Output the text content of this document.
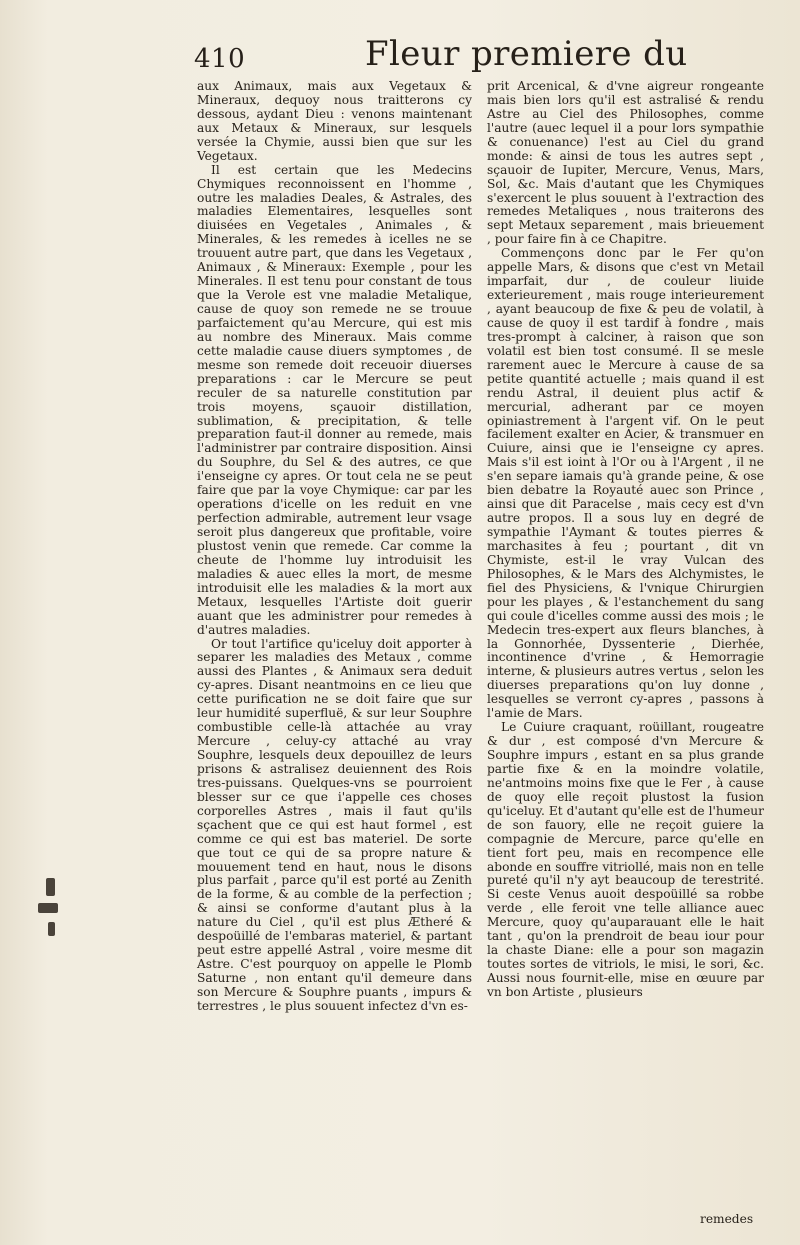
410	Fleur premiere du

aux Animaux, mais aux Vegetaux & Mineraux, dequoy nous traitterons cy dessous, aydant Dieu : venons maintenant aux Metaux & Mineraux, sur lesquels versée la Chymie, aussi bien que sur les Vegetaux.

Il est certain que les Medecins Chymiques reconnoissent en l'homme , outre les maladies Deales, & Astrales, des maladies Elementaires, lesquelles sont diuisées en Vegetales , Animales , & Minerales, & les remedes à icelles ne se trouuent autre part, que dans les Vegetaux , Animaux , & Mineraux: Exemple , pour les Minerales. Il est tenu pour constant de tous que la Verole est vne maladie Metalique, cause de quoy son remede ne se trouue parfaictement qu'au Mercure, qui est mis au nombre des Mineraux. Mais comme cette maladie cause diuers symptomes , de mesme son remede doit receuoir diuerses preparations : car le Mercure se peut reculer de sa naturelle constitution par trois moyens, sçauoir distillation, sublimation, & precipitation, & telle preparation faut-il donner au remede, mais l'administrer par contraire disposition. Ainsi du Souphre, du Sel & des autres, ce que i'enseigne cy apres. Or tout cela ne se peut faire que par la voye Chymique: car par les operations d'icelle on les reduit en vne perfection admirable, autrement leur vsage seroit plus dangereux que profitable, voire plustost venin que remede. Car comme la cheute de l'homme luy introduisit les maladies & auec elles la mort, de mesme introduisit elle les maladies & la mort aux Metaux, lesquelles l'Artiste doit guerir auant que les administrer pour remedes à d'autres maladies.

Or tout l'artifice qu'iceluy doit apporter à separer les maladies des Metaux , comme aussi des Plantes , & Animaux sera deduit cy-apres. Disant neantmoins en ce lieu que cette purification ne se doit faire que sur leur humidité superfluë, & sur leur Souphre combustible celle-là attachée au vray Mercure , celuy-cy attaché au vray Souphre, lesquels deux depouillez de leurs prisons & astralisez deuiennent des Rois tres-puissans. Quelques-vns se pourroient blesser sur ce que i'appelle ces choses corporelles Astres , mais il faut qu'ils sçachent que ce qui est haut formel , est comme ce qui est bas materiel. De sorte que tout ce qui de sa propre nature & mouuement tend en haut, nous le disons plus parfait , parce qu'il est porté au Zenith de la forme, & au comble de la perfection ; & ainsi se conforme d'autant plus à la nature du Ciel , qu'il est plus Ætheré & despoüillé de l'embaras materiel, & partant peut estre appellé Astral , voire mesme dit Astre. C'est pourquoy on appelle le Plomb Saturne , non entant qu'il demeure dans son Mercure & Souphre puants , impurs & terrestres , le plus souuent infectez d'vn es-

prit Arcenical, & d'vne aigreur rongeante mais bien lors qu'il est astralisé & rendu Astre au Ciel des Philosophes, comme l'autre (auec lequel il a pour lors sympathie & conuenance) l'est au Ciel du grand monde: & ainsi de tous les autres sept , sçauoir de Iupiter, Mercure, Venus, Mars, Sol, &c. Mais d'autant que les Chymiques s'exercent le plus souuent à l'extraction des remedes Metaliques , nous traiterons des sept Metaux separement , mais brieuement , pour faire fin à ce Chapitre.

Commençons donc par le Fer qu'on appelle Mars, & disons que c'est vn Metail imparfait, dur , de couleur liuide exterieurement , mais rouge interieurement , ayant beaucoup de fixe & peu de volatil, à cause de quoy il est tardif à fondre , mais tres-prompt à calciner, à raison que son volatil est bien tost consumé. Il se mesle rarement auec le Mercure à cause de sa petite quantité actuelle ; mais quand il est rendu Astral, il deuient plus actif & mercurial, adherant par ce moyen opiniastrement à l'argent vif. On le peut facilement exalter en Acier, & transmuer en Cuiure, ainsi que ie l'enseigne cy apres. Mais s'il est ioint à l'Or ou à l'Argent , il ne s'en separe iamais qu'à grande peine, & ose bien debatre la Royauté auec son Prince , ainsi que dit Paracelse , mais cecy est d'vn autre propos. Il a sous luy en degré de sympathie l'Aymant & toutes pierres & marchasites à feu ; pourtant , dit vn Chymiste, est-il le vray Vulcan des Philosophes, & le Mars des Alchymistes, le fiel des Physiciens, & l'vnique Chirurgien pour les playes , & l'estanchement du sang qui coule d'icelles comme aussi des mois ; le Medecin tres-expert aux fleurs blanches, à la Gonnorhée, Dyssenterie , Dierhée, incontinence d'vrine , & Hemorragie interne, & plusieurs autres vertus , selon les diuerses preparations qu'on luy donne , lesquelles se verront cy-apres , passons à l'amie de Mars.

Le Cuiure craquant, roüillant, rougeatre & dur , est composé d'vn Mercure & Souphre impurs , estant en sa plus grande partie fixe & en la moindre volatile, ne'antmoins moins fixe que le Fer , à cause de quoy elle reçoit plustost la fusion qu'iceluy. Et d'autant qu'elle est de l'humeur de son fauory, elle ne reçoit guiere la compagnie de Mercure, parce qu'elle en tient fort peu, mais en recompence elle abonde en souffre vitriollé, mais non en telle pureté qu'il n'y ayt beaucoup de terestrité. Si ceste Venus auoit despoüillé sa robbe verde , elle feroit vne telle alliance auec Mercure, quoy qu'auparauant elle le hait tant , qu'on la prendroit de beau iour pour la chaste Diane: elle a pour son magazin toutes sortes de vitriols, le misi, le sori, &c. Aussi nous fournit-elle, mise en œuure par vn bon Artiste , plusieurs

remedes
